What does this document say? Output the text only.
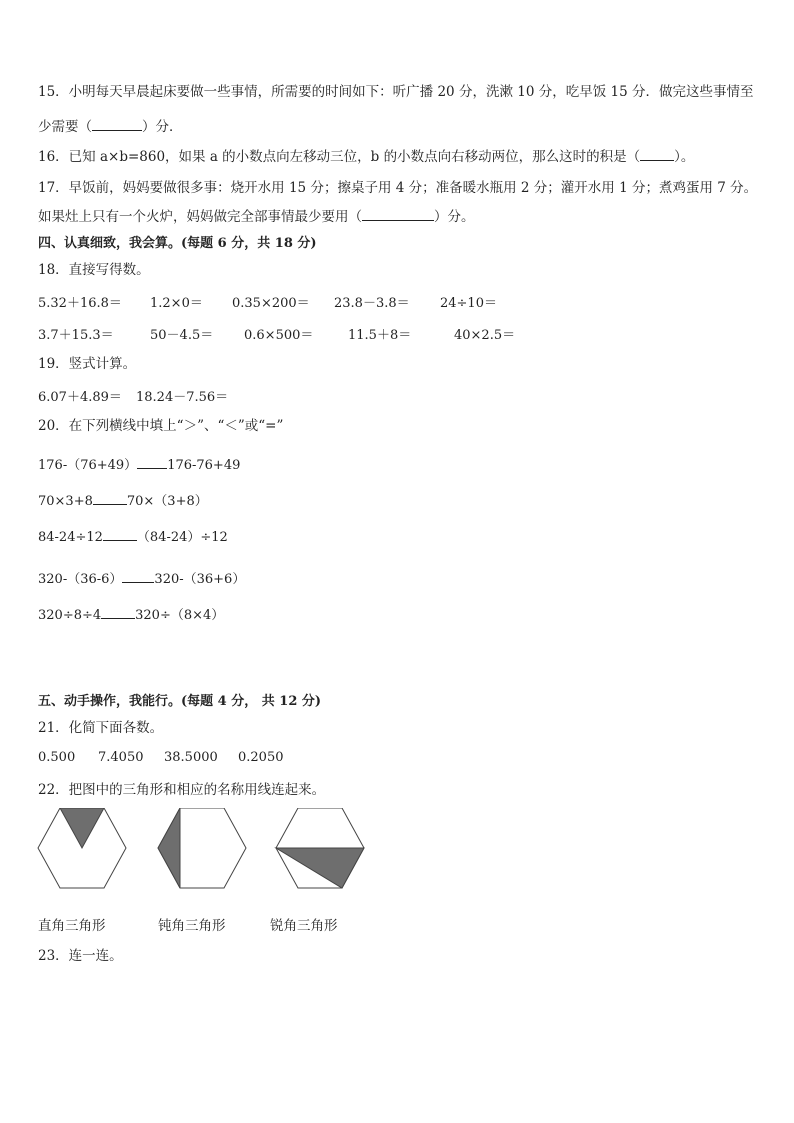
15．小明每天早晨起床要做一些事情，所需要的时间如下：听广播 20 分，洗漱 10 分，吃早饭 15 分．做完这些事情至
少需要（	）分．
16．已知 a×b=860，如果 a 的小数点向左移动三位，b 的小数点向右移动两位，那么这时的积是（	）。
17．早饭前，妈妈要做很多事：烧开水用 15 分；擦桌子用 4 分；准备暖水瓶用 2 分；灌开水用 1 分；煮鸡蛋用 7 分。
如果灶上只有一个火炉，妈妈做完全部事情最少要用（	）分。
四、认真细致，我会算。(每题 6 分，共 18 分)
18．直接写得数。
5.32＋16.8＝ 1.2×0＝ 0.35×200＝ 23.8－3.8＝ 24÷10＝
3.7＋15.3＝	50－4.5＝ 0.6×500＝	11.5＋8＝	40×2.5＝
19．竖式计算。
6.07＋4.89＝ 18.24－7.56＝
20．在下列横线中填上“＞”、“＜”或“=”
176-（76+49） 176-76+49
70×3+8	70×（3+8）
84-24÷12	（84-24）÷12
320-（36-6） 320-（36+6）
320÷8÷4	320÷（8×4）
五、动手操作，我能行。(每题 4 分， 共 12 分)
21．化简下面各数。
0.500 7.4050 38.5000 0.2050
22．把图中的三角形和相应的名称用线连起来。
直角三角形	钝角三角形	锐角三角形
23．连一连。
